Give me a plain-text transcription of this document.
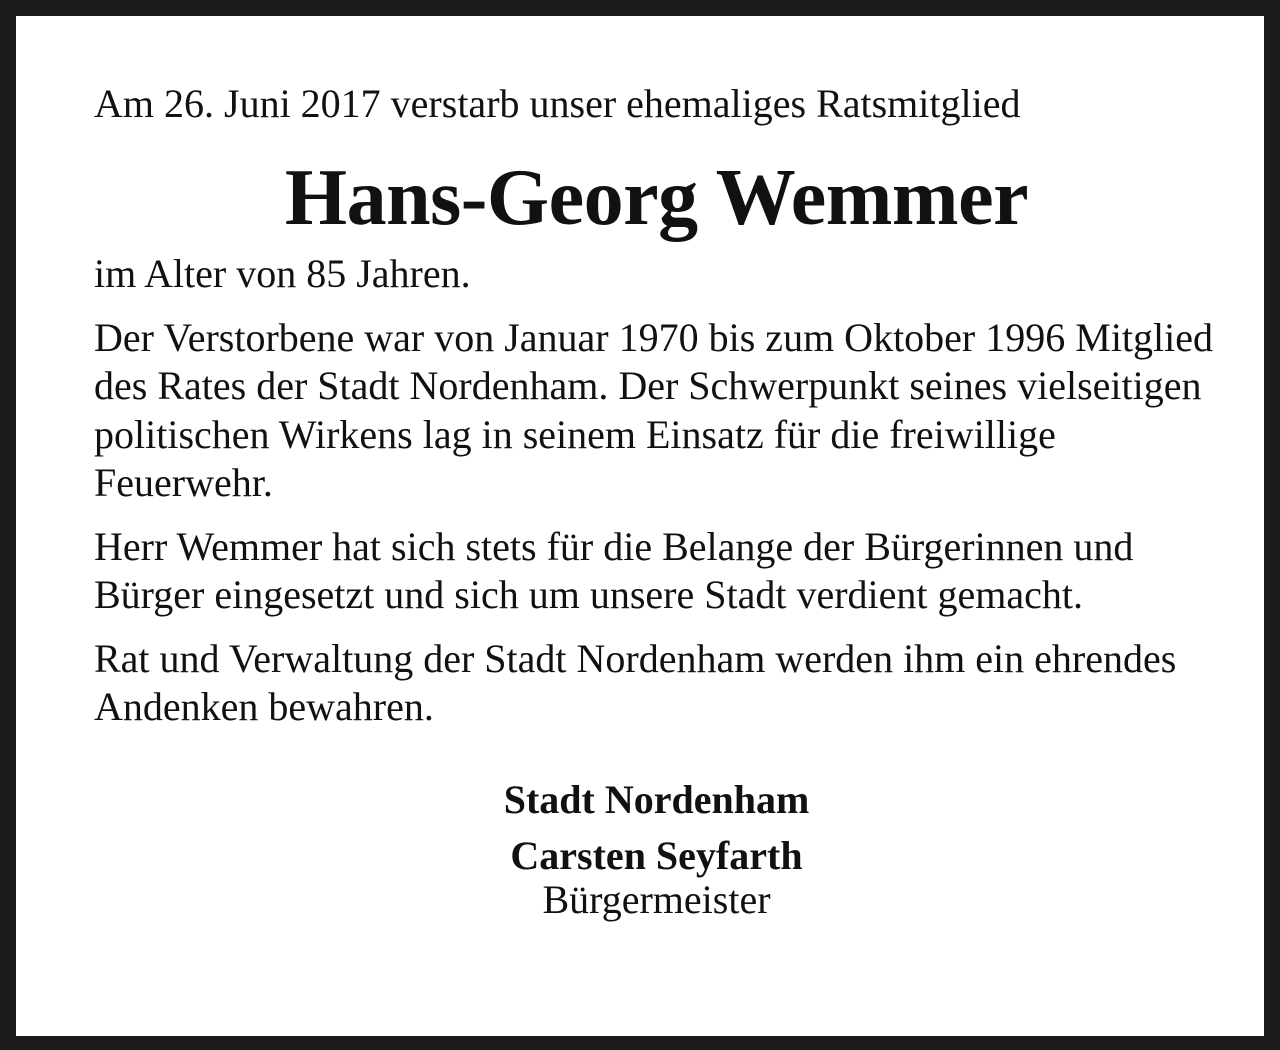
Am 26. Juni 2017 verstarb unser ehemaliges Ratsmitglied

Hans-Georg Wemmer

im Alter von 85 Jahren.

Der Verstorbene war von Januar 1970 bis zum Oktober 1996 Mitglied des Rates der Stadt Nordenham. Der Schwerpunkt seines vielseitigen politischen Wirkens lag in seinem Einsatz für die freiwillige Feuerwehr.

Herr Wemmer hat sich stets für die Belange der Bürgerinnen und Bürger eingesetzt und sich um unsere Stadt verdient gemacht.

Rat und Verwaltung der Stadt Nordenham werden ihm ein ehrendes Andenken bewahren.

Stadt Nordenham

Carsten Seyfarth

Bürgermeister
